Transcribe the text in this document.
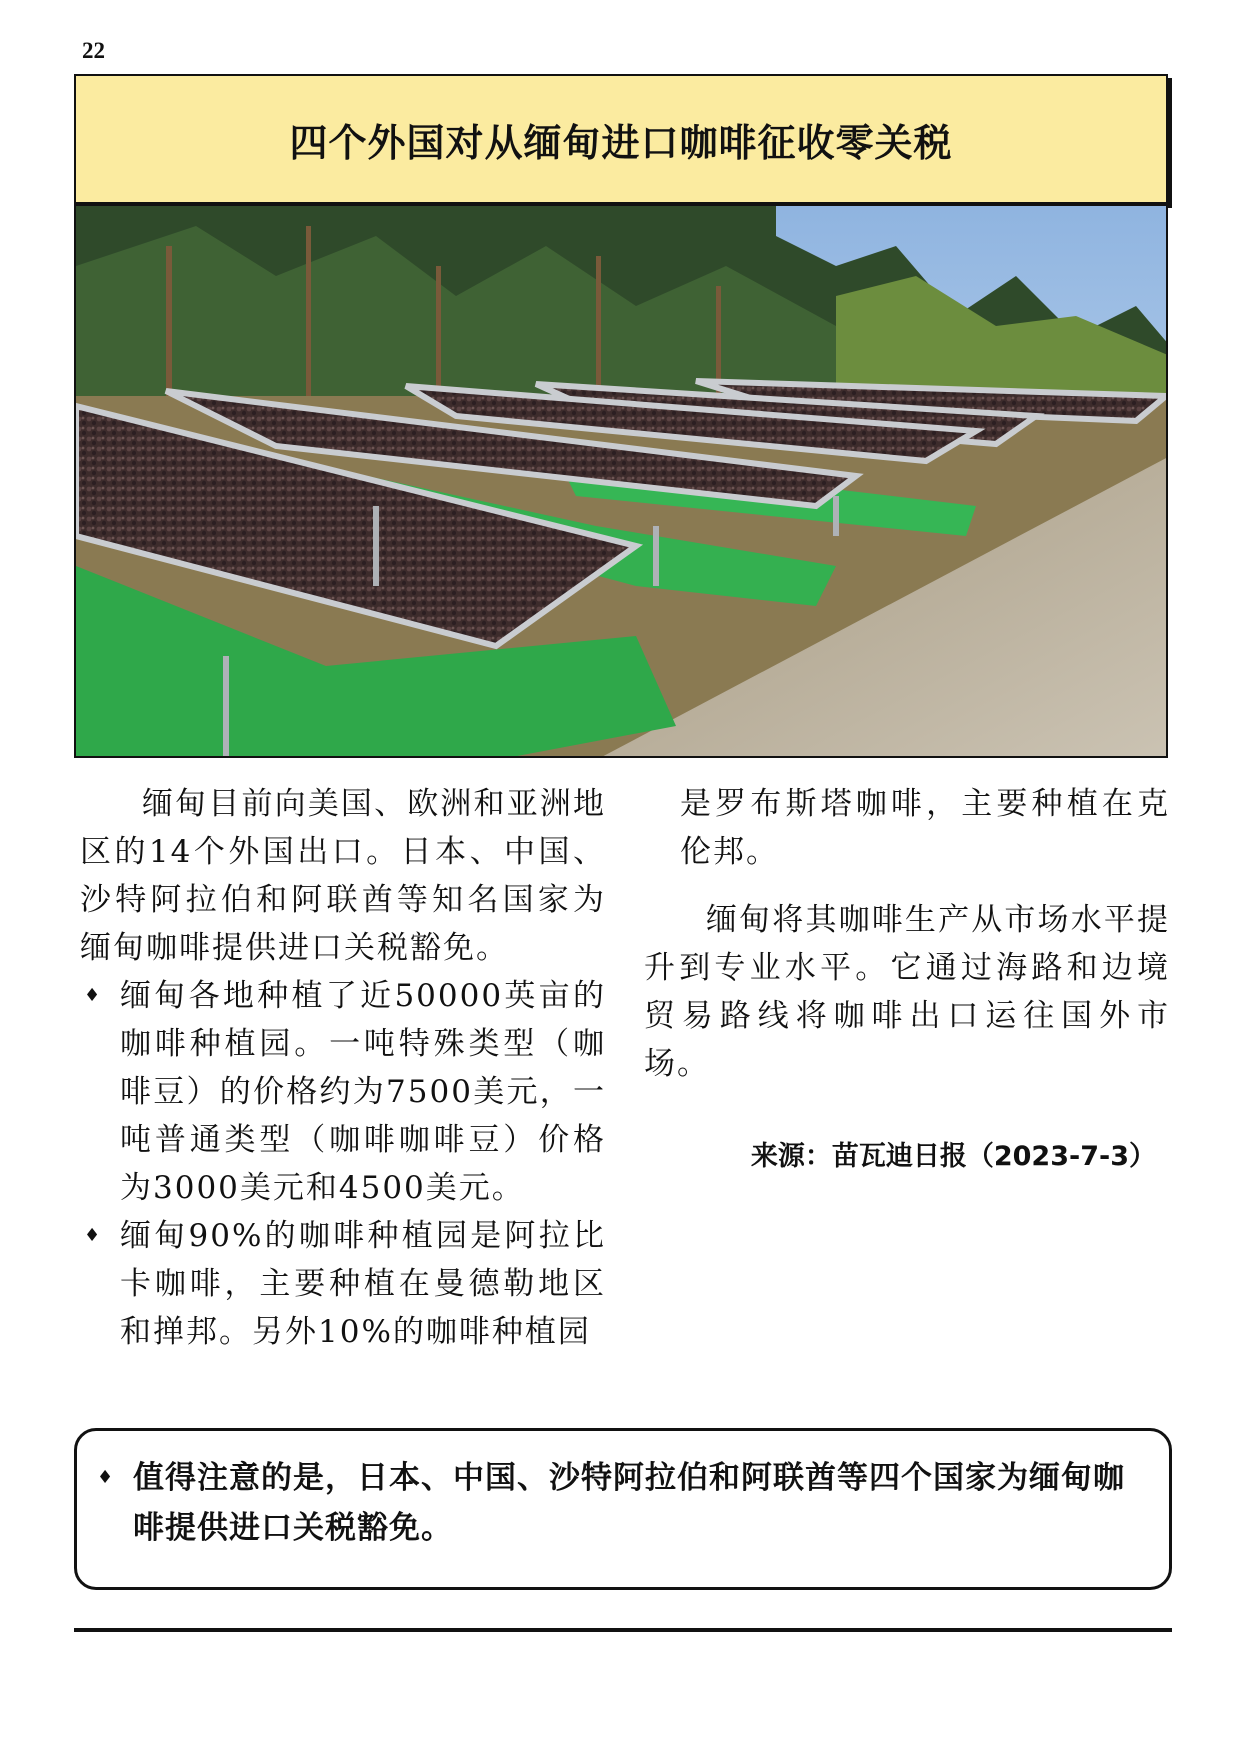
22
四个外国对从缅甸进口咖啡征收零关税

缅甸目前向美国、欧洲和亚洲地区的14个外国出口。日本、中国、沙特阿拉伯和阿联酋等知名国家为缅甸咖啡提供进口关税豁免。

♦ 缅甸各地种植了近50000英亩的咖啡种植园。一吨特殊类型（咖啡豆）的价格约为7500美元，一吨普通类型（咖啡咖啡豆）价格为3000美元和4500美元。
♦ 缅甸90%的咖啡种植园是阿拉比卡咖啡，主要种植在曼德勒地区和掸邦。另外10%的咖啡种植园

是罗布斯塔咖啡，主要种植在克伦邦。

缅甸将其咖啡生产从市场水平提升到专业水平。它通过海路和边境贸易路线将咖啡出口运往国外市场。

来源：苗瓦迪日报（2023-7-3）
♦ 值得注意的是，日本、中国、沙特阿拉伯和阿联酋等四个国家为缅甸咖啡提供进口关税豁免。
